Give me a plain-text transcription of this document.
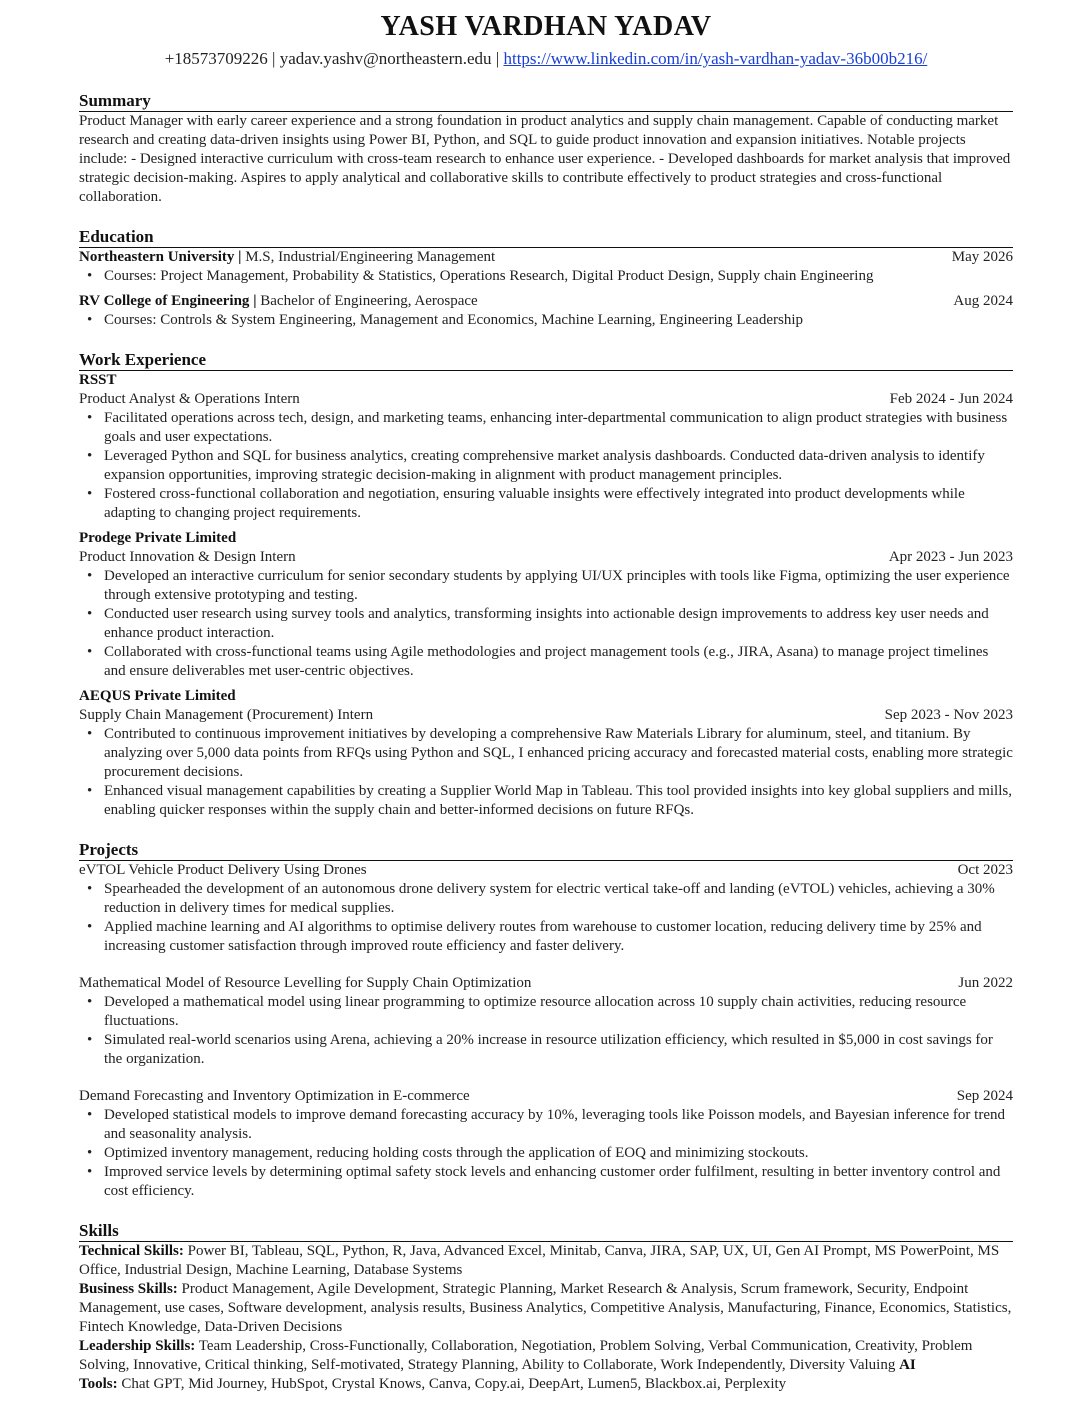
YASH VARDHAN YADAV
+18573709226 | yadav.yashv@northeastern.edu | https://www.linkedin.com/in/yash-vardhan-yadav-36b00b216/
Summary

Product Manager with early career experience and a strong foundation in product analytics and supply chain management. Capable of conducting market research and creating data-driven insights using Power BI, Python, and SQL to guide product innovation and expansion initiatives. Notable projects include: - Designed interactive curriculum with cross-team research to enhance user experience. - Developed dashboards for market analysis that improved strategic decision-making. Aspires to apply analytical and collaborative skills to contribute effectively to product strategies and cross-functional collaboration.

Education
Northeastern University | M.S, Industrial/Engineering Management	May 2026
• Courses: Project Management, Probability & Statistics, Operations Research, Digital Product Design, Supply chain Engineering
RV College of Engineering | Bachelor of Engineering, Aerospace	Aug 2024
• Courses: Controls & System Engineering, Management and Economics, Machine Learning, Engineering Leadership
Work Experience
RSST
Product Analyst & Operations Intern	Feb 2024 - Jun 2024
• Facilitated operations across tech, design, and marketing teams, enhancing inter-departmental communication to align product strategies with business goals and user expectations.
• Leveraged Python and SQL for business analytics, creating comprehensive market analysis dashboards. Conducted data-driven analysis to identify expansion opportunities, improving strategic decision-making in alignment with product management principles.
• Fostered cross-functional collaboration and negotiation, ensuring valuable insights were effectively integrated into product developments while adapting to changing project requirements.
Prodege Private Limited
Product Innovation & Design Intern	Apr 2023 - Jun 2023
• Developed an interactive curriculum for senior secondary students by applying UI/UX principles with tools like Figma, optimizing the user experience through extensive prototyping and testing.
• Conducted user research using survey tools and analytics, transforming insights into actionable design improvements to address key user needs and enhance product interaction.
• Collaborated with cross-functional teams using Agile methodologies and project management tools (e.g., JIRA, Asana) to manage project timelines and ensure deliverables met user-centric objectives.
AEQUS Private Limited
Supply Chain Management (Procurement) Intern	Sep 2023 - Nov 2023
• Contributed to continuous improvement initiatives by developing a comprehensive Raw Materials Library for aluminum, steel, and titanium. By analyzing over 5,000 data points from RFQs using Python and SQL, I enhanced pricing accuracy and forecasted material costs, enabling more strategic procurement decisions.
• Enhanced visual management capabilities by creating a Supplier World Map in Tableau. This tool provided insights into key global suppliers and mills, enabling quicker responses within the supply chain and better-informed decisions on future RFQs.
Projects
eVTOL Vehicle Product Delivery Using Drones	Oct 2023
• Spearheaded the development of an autonomous drone delivery system for electric vertical take-off and landing (eVTOL) vehicles, achieving a 30% reduction in delivery times for medical supplies.
• Applied machine learning and AI algorithms to optimise delivery routes from warehouse to customer location, reducing delivery time by 25% and increasing customer satisfaction through improved route efficiency and faster delivery.
Mathematical Model of Resource Levelling for Supply Chain Optimization	Jun 2022
• Developed a mathematical model using linear programming to optimize resource allocation across 10 supply chain activities, reducing resource fluctuations.
• Simulated real-world scenarios using Arena, achieving a 20% increase in resource utilization efficiency, which resulted in $5,000 in cost savings for the organization.
Demand Forecasting and Inventory Optimization in E-commerce	Sep 2024
• Developed statistical models to improve demand forecasting accuracy by 10%, leveraging tools like Poisson models, and Bayesian inference for trend and seasonality analysis.
• Optimized inventory management, reducing holding costs through the application of EOQ and minimizing stockouts.
• Improved service levels by determining optimal safety stock levels and enhancing customer order fulfilment, resulting in better inventory control and cost efficiency.
Skills
Technical Skills: Power BI, Tableau, SQL, Python, R, Java, Advanced Excel, Minitab, Canva, JIRA, SAP, UX, UI, Gen AI Prompt, MS PowerPoint, MS Office, Industrial Design, Machine Learning, Database Systems
Business Skills: Product Management, Agile Development, Strategic Planning, Market Research & Analysis, Scrum framework, Security, Endpoint Management, use cases, Software development, analysis results, Business Analytics, Competitive Analysis, Manufacturing, Finance, Economics, Statistics, Fintech Knowledge, Data-Driven Decisions
Leadership Skills: Team Leadership, Cross-Functionally, Collaboration, Negotiation, Problem Solving, Verbal Communication, Creativity, Problem Solving, Innovative, Critical thinking, Self-motivated, Strategy Planning, Ability to Collaborate, Work Independently, Diversity Valuing AI
Tools: Chat GPT, Mid Journey, HubSpot, Crystal Knows, Canva, Copy.ai, DeepArt, Lumen5, Blackbox.ai, Perplexity
